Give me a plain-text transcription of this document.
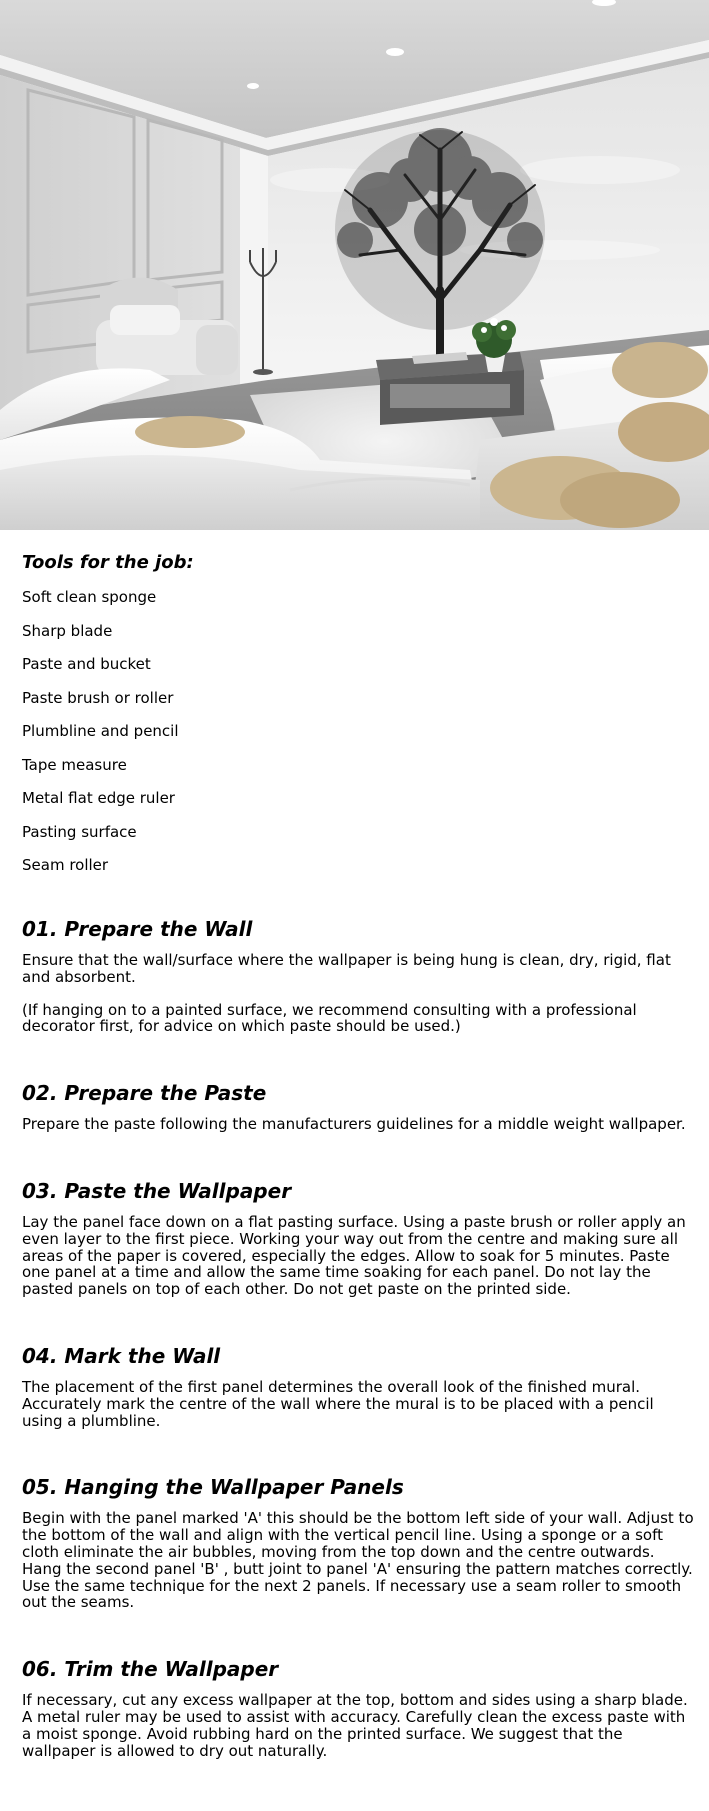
Tools for the job:
Soft clean sponge
Sharp blade
Paste and bucket
Paste brush or roller
Plumbline and pencil
Tape measure
Metal flat edge ruler
Pasting surface
Seam roller
01. Prepare the Wall

Ensure that the wall/surface where the wallpaper is being hung is clean, dry, rigid, flat and absorbent.

(If hanging on to a painted surface, we recommend consulting with a professional decorator first, for advice on which paste should be used.)

02. Prepare the Paste

Prepare the paste following the manufacturers guidelines for a middle weight wallpaper.

03. Paste the Wallpaper

Lay the panel face down on a flat pasting surface. Using a paste brush or roller apply an even layer to the first piece. Working your way out from the centre and making sure all areas of the paper is covered, especially the edges. Allow to soak for 5 minutes. Paste one panel at a time and allow the same time soaking for each panel. Do not lay the pasted panels on top of each other. Do not get paste on the printed side.

04. Mark the Wall

The placement of the first panel determines the overall look of the finished mural. Accurately mark the centre of the wall where the mural is to be placed with a pencil using a plumbline.

05. Hanging the Wallpaper Panels

Begin with the panel marked 'A' this should be the bottom left side of your wall. Adjust to the bottom of the wall and align with the vertical pencil line. Using a sponge or a soft cloth eliminate the air bubbles, moving from the top down and the centre outwards. Hang the second panel 'B' , butt joint to panel 'A' ensuring the pattern matches correctly. Use the same technique for the next 2 panels. If necessary use a seam roller to smooth out the seams.

06. Trim the Wallpaper

If necessary, cut any excess wallpaper at the top, bottom and sides using a sharp blade. A metal ruler may be used to assist with accuracy. Carefully clean the excess paste with a moist sponge. Avoid rubbing hard on the printed surface. We suggest that the wallpaper is allowed to dry out naturally.
